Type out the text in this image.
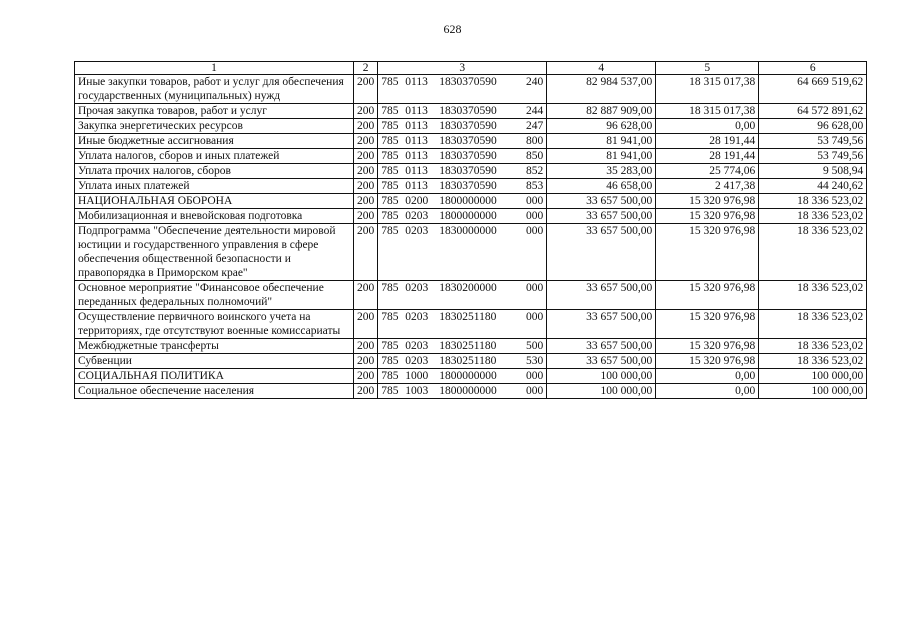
628
1	2	3	4	5	6
Иные закупки товаров, работ и услуг для обеспечения государственных (муниципальных) нужд	200	785 0113 1830370590 240	82 984 537,00	18 315 017,38	64 669 519,62
Прочая закупка товаров, работ и услуг	200	785 0113 1830370590 244	82 887 909,00	18 315 017,38	64 572 891,62
Закупка энергетических ресурсов	200	785 0113 1830370590 247	96 628,00	0,00	96 628,00
Иные бюджетные ассигнования	200	785 0113 1830370590 800	81 941,00	28 191,44	53 749,56
Уплата налогов, сборов и иных платежей	200	785 0113 1830370590 850	81 941,00	28 191,44	53 749,56
Уплата прочих налогов, сборов	200	785 0113 1830370590 852	35 283,00	25 774,06	9 508,94
Уплата иных платежей	200	785 0113 1830370590 853	46 658,00	2 417,38	44 240,62
НАЦИОНАЛЬНАЯ ОБОРОНА	200	785 0200 1800000000 000	33 657 500,00	15 320 976,98	18 336 523,02
Мобилизационная и вневойсковая подготовка	200	785 0203 1800000000 000	33 657 500,00	15 320 976,98	18 336 523,02
Подпрограмма "Обеспечение деятельности мировой юстиции и государственного управления в сфере обеспечения общественной безопасности и правопорядка в Приморском крае"	200	785 0203 1830000000 000	33 657 500,00	15 320 976,98	18 336 523,02
Основное мероприятие "Финансовое обеспечение переданных федеральных полномочий"	200	785 0203 1830200000 000	33 657 500,00	15 320 976,98	18 336 523,02
Осуществление первичного воинского учета на территориях, где отсутствуют военные комиссариаты	200	785 0203 1830251180 000	33 657 500,00	15 320 976,98	18 336 523,02
Межбюджетные трансферты	200	785 0203 1830251180 500	33 657 500,00	15 320 976,98	18 336 523,02
Субвенции	200	785 0203 1830251180 530	33 657 500,00	15 320 976,98	18 336 523,02
СОЦИАЛЬНАЯ ПОЛИТИКА	200	785 1000 1800000000 000	100 000,00	0,00	100 000,00
Социальное обеспечение населения	200	785 1003 1800000000 000	100 000,00	0,00	100 000,00
